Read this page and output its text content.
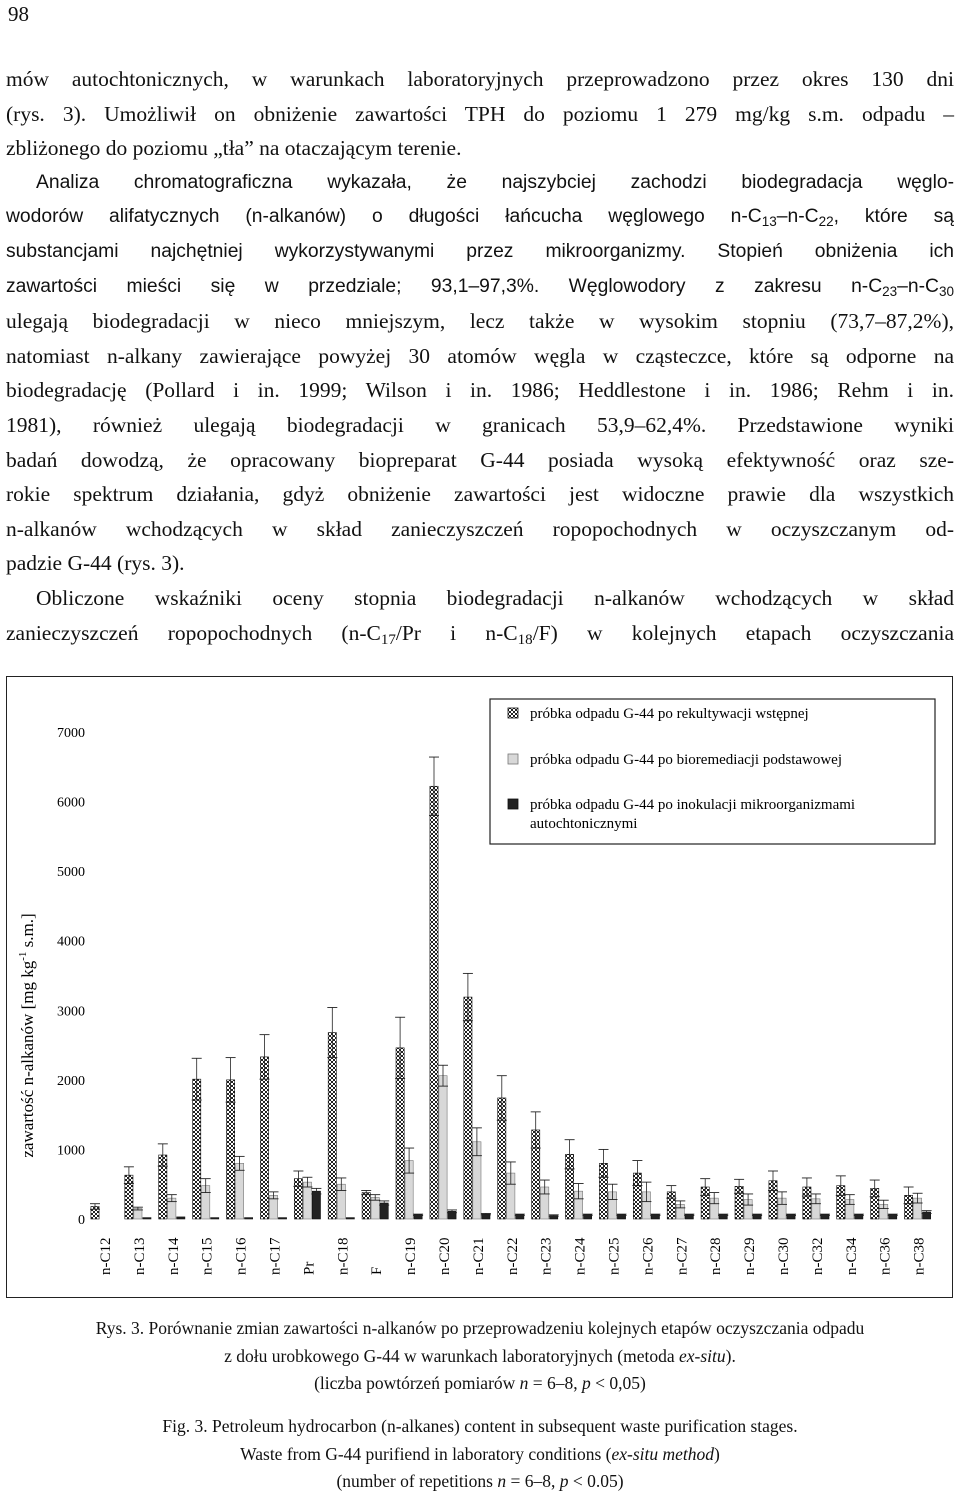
98

mów autochtonicznych, w warunkach laboratoryjnych przeprowadzono przez okres 130 dni
(rys. 3). Umożliwił on obniżenie zawartości TPH do poziomu 1 279 mg/kg s.m. odpadu –
zbliżonego do poziomu „tła” na otaczającym terenie.

Analiza chromatograficzna wykazała, że najszybciej zachodzi biodegradacja węglo-
wodorów alifatycznych (n-alkanów) o długości łańcucha węglowego $n-C_{13}-n-C_{22}$, które są
substancjami najchętniej wykorzystywanymi przez mikroorganizmy. Stopień obniżenia ich
zawartości mieści się w przedziale; 93,1–97,3%. Węglowodory z zakresu $n-C_{23}-n-C_{30}$

ulegają biodegradacji w nieco mniejszym, lecz także w wysokim stopniu (73,7–87,2%),
natomiast n-alkany zawierające powyżej 30 atomów węgla w cząsteczce, które są odporne na
biodegradację (Pollard i in. 1999; Wilson i in. 1986; Heddlestone i in. 1986; Rehm i in.
1981), również ulegają biodegradacji w granicach 53,9–62,4%. Przedstawione wyniki
badań dowodzą, że opracowany biopreparat G-44 posiada wysoką efektywność oraz sze-
rokie spektrum działania, gdyż obniżenie zawartości jest widoczne prawie dla wszystkich
n-alkanów wchodzących w skład zanieczyszczeń ropopochodnych w oczyszczanym od-
padzie G-44 (rys. 3).

Obliczone wskaźniki oceny stopnia biodegradacji n-alkanów wchodzących w skład
zanieczyszczeń ropopochodnych ($n-C_{17}/Pr$ i $n-C_{18}/F$) w kolejnych etapach oczyszczania

0
1000
2000
3000
4000
5000
6000
7000
zawartość n-alkanów [mg $kg^{-1}$ s.m.]
n-C12 n-C13 n-C14 n-C15 n-C16 n-C17 Pr n-C18 F n-C19 n-C20 n-C21 n-C22 n-C23 n-C24 n-C25 n-C26 n-C27 n-C28 n-C29 n-C30 n-C32 n-C34 n-C36 n-C38
próbka odpadu G-44 po rekultywacji wstępnej
próbka odpadu G-44 po bioremediacji podstawowej
próbka odpadu G-44 po inokulacji mikroorganizmami
autochtonicznymi
Rys. 3. Porównanie zmian zawartości n-alkanów po przeprowadzeniu kolejnych etapów oczyszczania odpadu
z dołu urobkowego G-44 w warunkach laboratoryjnych (metoda ex-situ).
(liczba powtórzeń pomiarów n = 6–8, p < 0,05)
Fig. 3. Petroleum hydrocarbon (n-alkanes) content in subsequent waste purification stages.
Waste from G-44 purifiend in laboratory conditions (ex-situ method)
(number of repetitions n = 6–8, p < 0.05)
